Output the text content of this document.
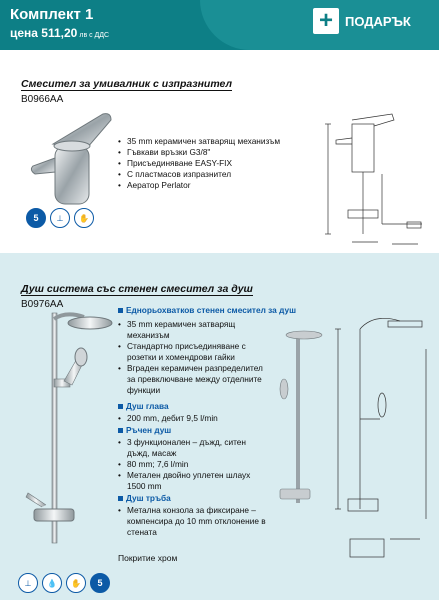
Комплект 1
цена 511,20 лв с ДДС
+ ПОДАРЪК
Смесител за умивалник с изпразнител
B0966AA
• 35 mm керамичен затварящ механизъм
• Гъвкави връзки G3/8"
• Присъединяване EASY-FIX
• С пластмасов изпразнител
• Аератор Perlator
5	⊥	✋
Душ система със стенен смесител за душ
B0976AA	Еднорьохватков стенен смесител за душ
• 35 mm керамичен затварящ механизъм
• Стандартно присъединяване с розетки и хомендрови гайки
• Вграден керамичен разпределител за превключване между отделните функции
Душ глава
• 200 mm, дебит 9,5 l/min
Ръчен душ
• 3 функционален – дъжд, ситен дъжд, масаж
• 80 mm; 7,6 l/min
• Метален двойно уплетен шлаух 1500 mm
Душ тръба
• Метална конзола за фиксиране – компенсира до 10 mm отклонение в стената
Покритие хром
⊥	💧	✋	5
